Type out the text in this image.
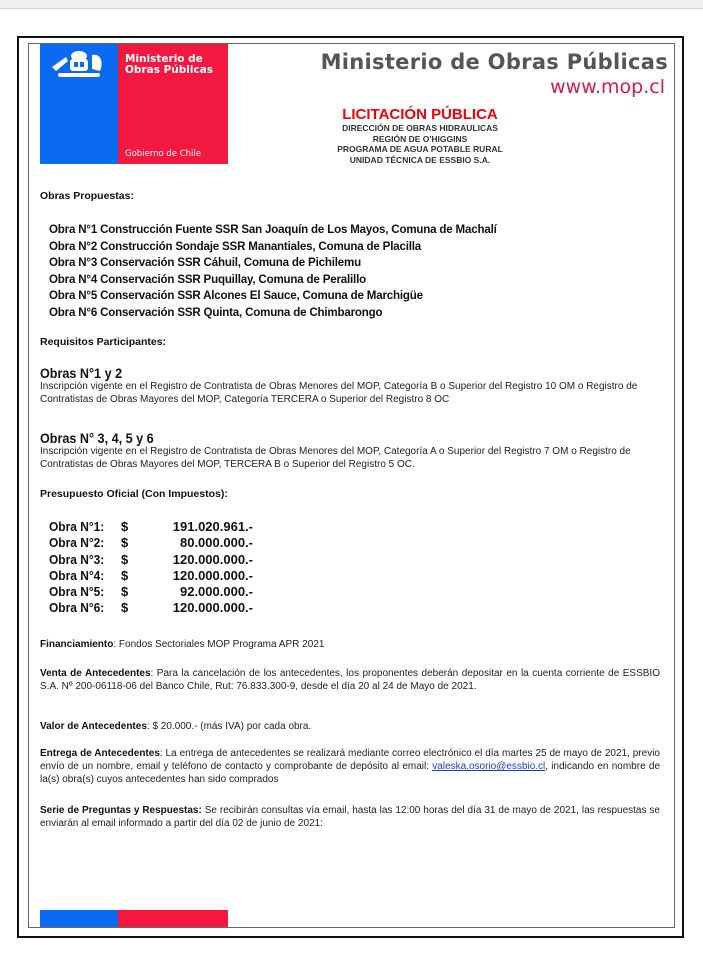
Ministerio de
Obras Públicas
Gobierno de Chile
Ministerio de Obras Públicas
www.mop.cl
LICITACIÓN PÚBLICA
DIRECCIÓN DE OBRAS HIDRAULICAS
REGIÓN DE O'HIGGINS
PROGRAMA DE AGUA POTABLE RURAL
UNIDAD TÉCNICA DE ESSBIO S.A.
Obras Propuestas:
Obra N°1 Construcción Fuente SSR San Joaquín de Los Mayos, Comuna de Machalí
Obra N°2 Construcción Sondaje SSR Manantiales, Comuna de Placilla
Obra N°3 Conservación SSR Cáhuil, Comuna de Pichilemu
Obra N°4 Conservación SSR Puquillay, Comuna de Peralillo
Obra N°5 Conservación SSR Alcones El Sauce, Comuna de Marchigüe
Obra N°6 Conservación SSR Quinta, Comuna de Chimbarongo
Requisitos Participantes:
Obras N°1 y 2
Inscripción vigente en el Registro de Contratista de Obras Menores del MOP, Categoría B o Superior del Registro 10 OM o Registro de Contratistas de Obras Mayores del MOP, Categoría TERCERA o Superior del Registro 8 OC
Obras N° 3, 4, 5 y 6
Inscripción vigente en el Registro de Contratista de Obras Menores del MOP, Categoría A o Superior del Registro 7 OM o Registro de Contratistas de Obras Mayores del MOP, TERCERA B o Superior del Registro 5 OC.
Presupuesto Oficial (Con Impuestos):
Obra N°1:	$	191.020.961.-
Obra N°2:	$	80.000.000.-
Obra N°3:	$	120.000.000.-
Obra N°4:	$	120.000.000.-
Obra N°5:	$	92.000.000.-
Obra N°6:	$	120.000.000.-
Financiamiento: Fondos Sectoriales MOP Programa APR 2021
Venta de Antecedentes: Para la cancelación de los antecedentes, los proponentes deberán depositar en la cuenta corriente de ESSBIO S.A. Nº 200-06118-06 del Banco Chile, Rut: 76.833.300-9, desde el día 20 al 24 de Mayo de 2021.
Valor de Antecedentes: $ 20.000.- (más IVA) por cada obra.
Entrega de Antecedentes: La entrega de antecedentes se realizará mediante correo electrónico el día martes 25 de mayo de 2021, previo envío de un nombre, email y teléfono de contacto y comprobante de depósito al email: valeska.osorio@essbio.cl, indicando en nombre de la(s) obra(s) cuyos antecedentes han sido comprados
Serie de Preguntas y Respuestas: Se recibirán consultas vía email, hasta las 12:00 horas del día 31 de mayo de 2021, las respuestas se enviarán al email informado a partir del día 02 de junio de 2021:
